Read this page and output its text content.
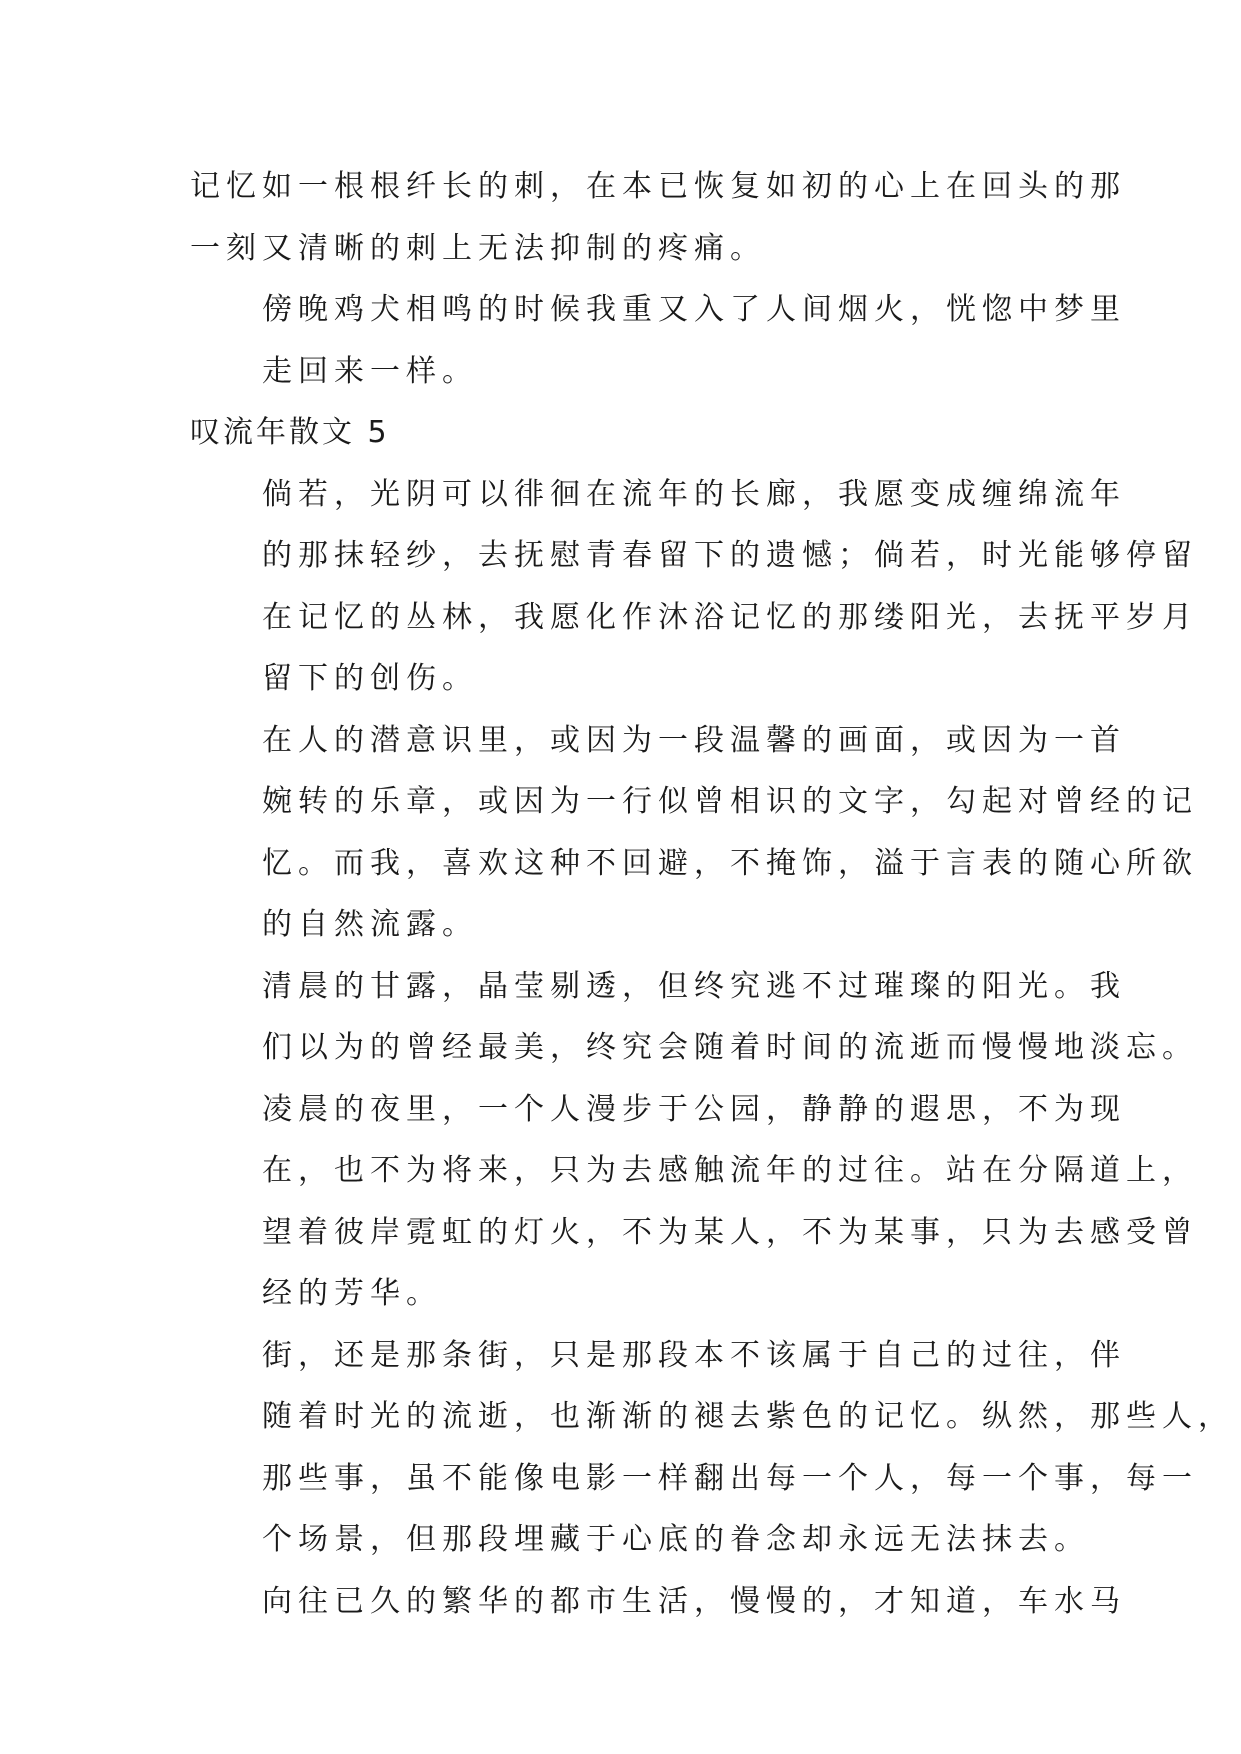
记忆如一根根纤长的刺，在本已恢复如初的心上在回头的那
一刻又清晰的刺上无法抑制的疼痛。
傍晚鸡犬相鸣的时候我重又入了人间烟火，恍惚中梦里
走回来一样。
叹流年散文 5
倘若，光阴可以徘徊在流年的长廊，我愿变成缠绵流年
的那抹轻纱，去抚慰青春留下的遗憾；倘若，时光能够停留
在记忆的丛林，我愿化作沐浴记忆的那缕阳光，去抚平岁月
留下的创伤。
在人的潜意识里，或因为一段温馨的画面，或因为一首
婉转的乐章，或因为一行似曾相识的文字，勾起对曾经的记
忆。而我，喜欢这种不回避，不掩饰，溢于言表的随心所欲
的自然流露。
清晨的甘露，晶莹剔透，但终究逃不过璀璨的阳光。我
们以为的曾经最美，终究会随着时间的流逝而慢慢地淡忘。
凌晨的夜里，一个人漫步于公园，静静的遐思，不为现
在，也不为将来，只为去感触流年的过往。站在分隔道上，
望着彼岸霓虹的灯火，不为某人，不为某事，只为去感受曾
经的芳华。
街，还是那条街，只是那段本不该属于自己的过往，伴
随着时光的流逝，也渐渐的褪去紫色的记忆。纵然，那些人，
那些事，虽不能像电影一样翻出每一个人，每一个事，每一
个场景，但那段埋藏于心底的眷念却永远无法抹去。
向往已久的繁华的都市生活，慢慢的，才知道，车水马
